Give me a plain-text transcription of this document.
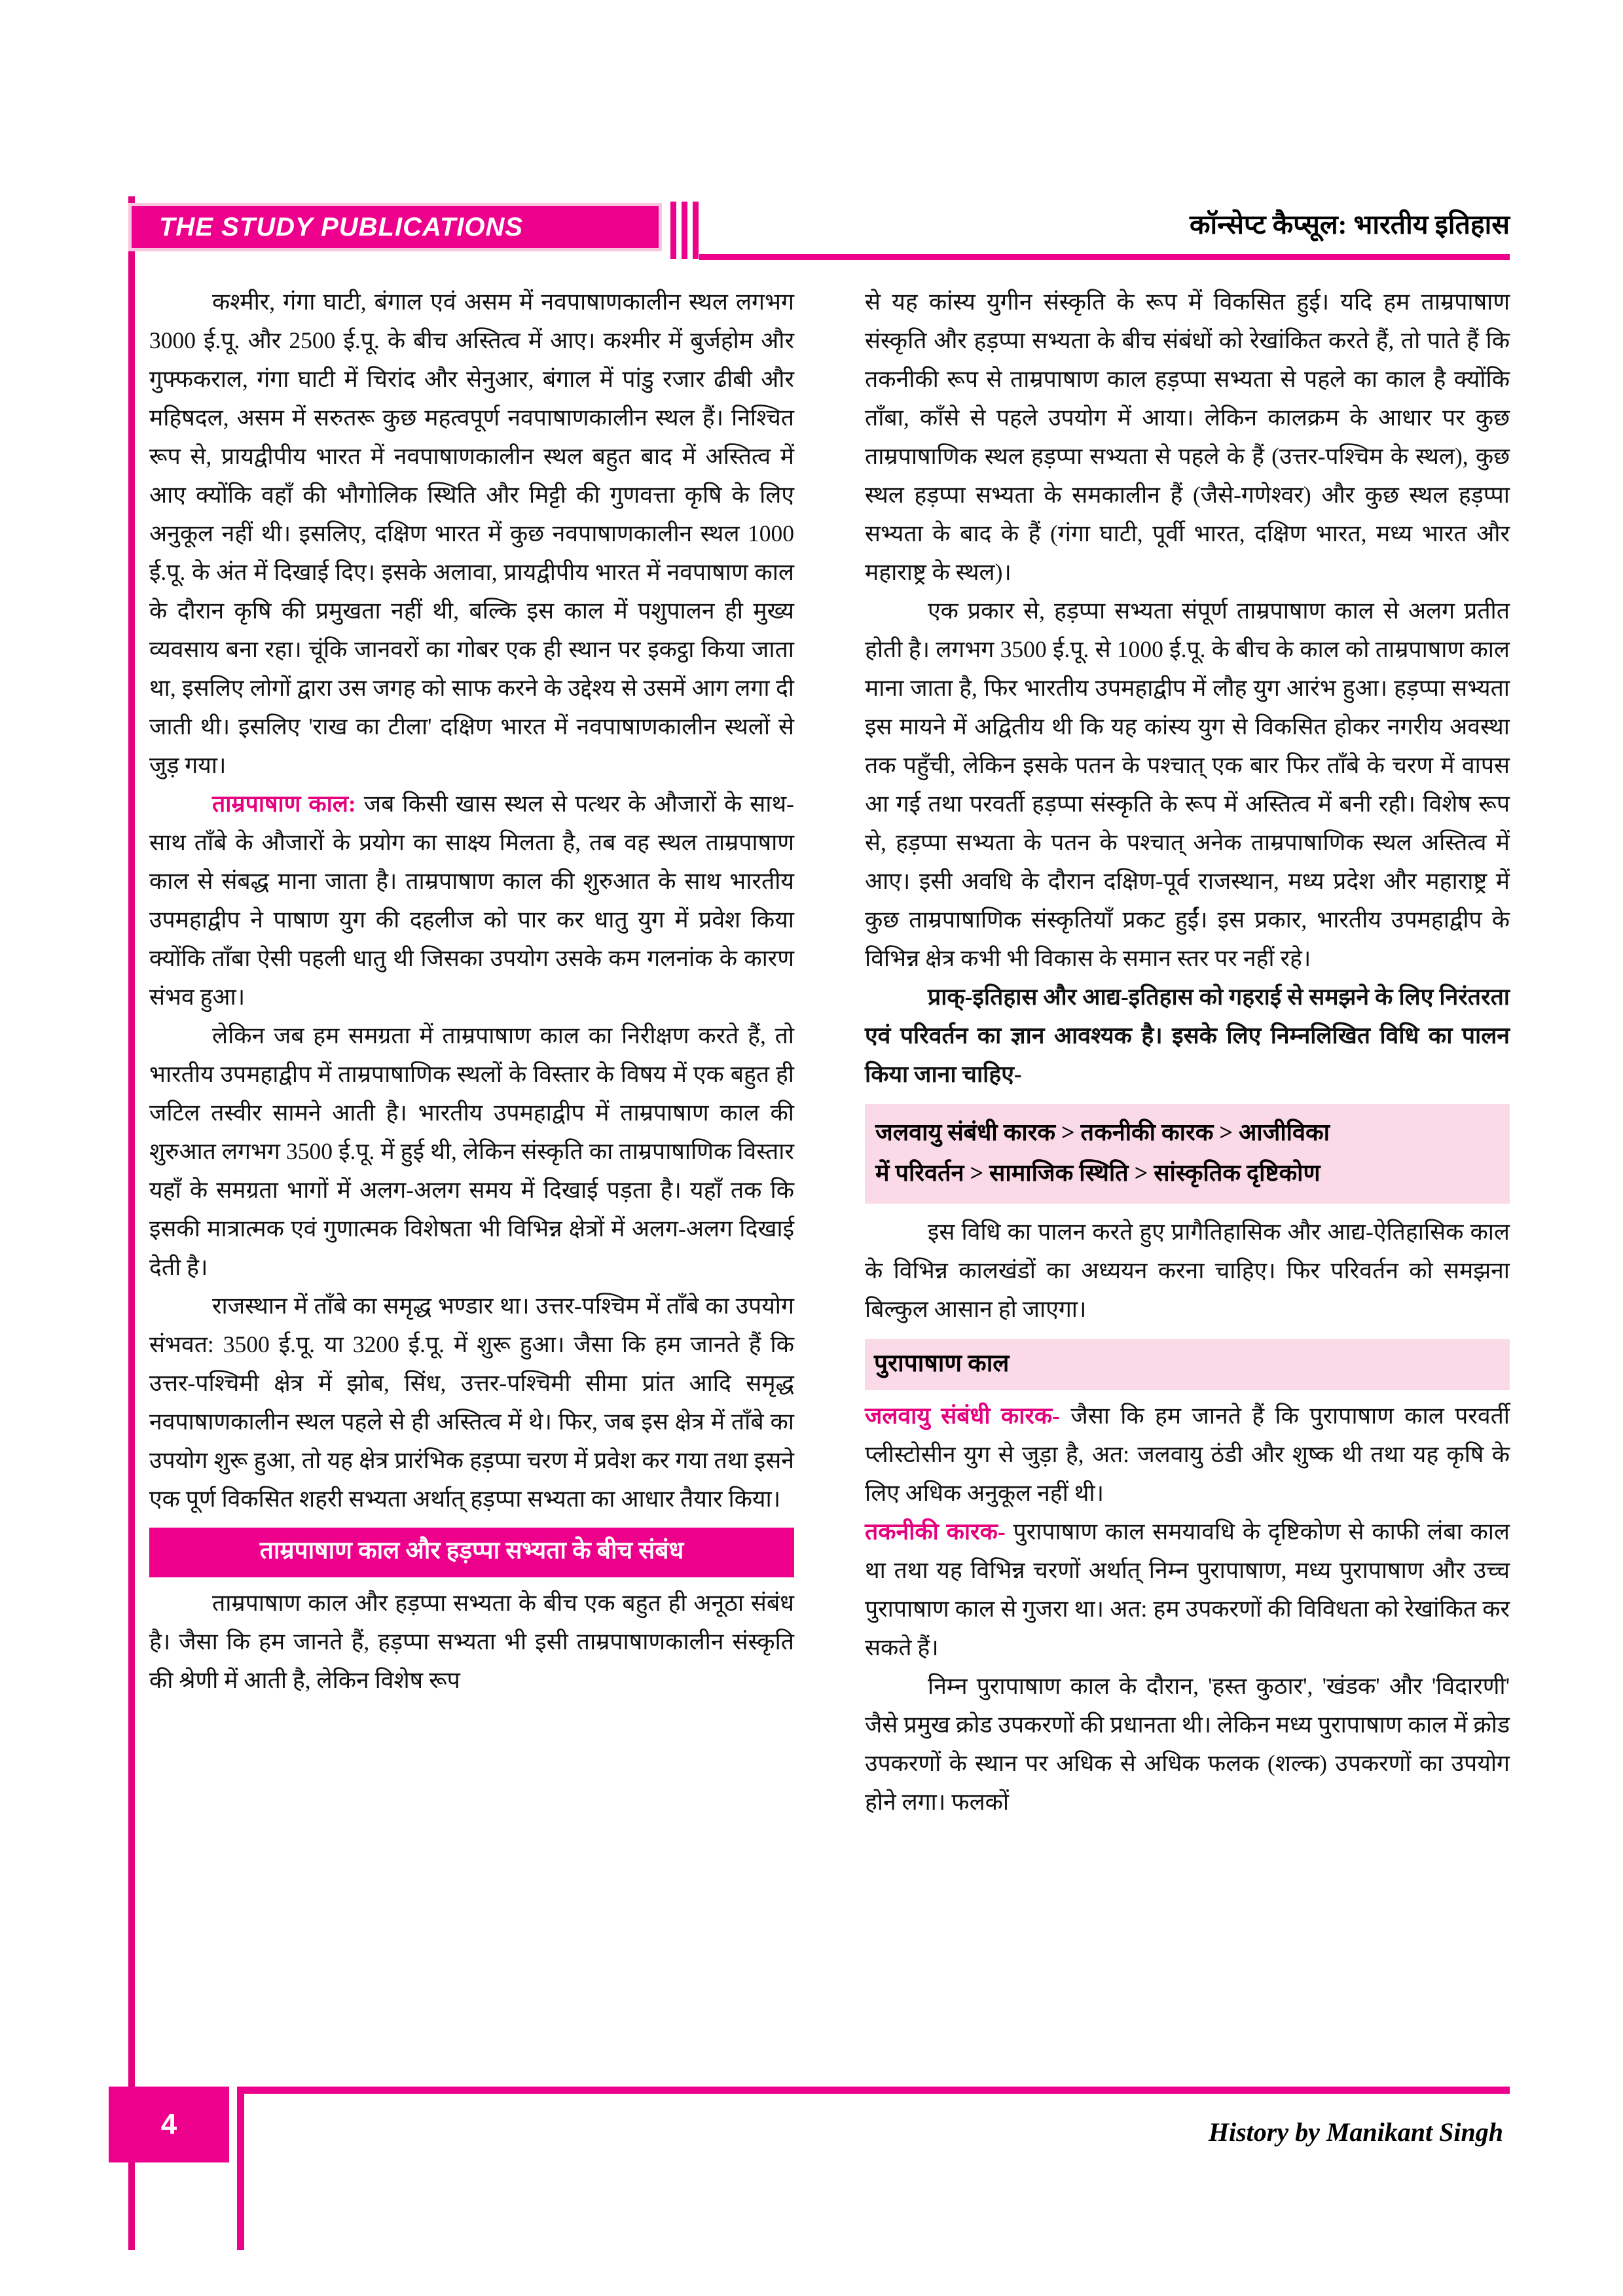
THE STUDY PUBLICATIONS	कॉन्सेप्ट कैप्सूल: भारतीय इतिहास

कश्मीर, गंगा घाटी, बंगाल एवं असम में नवपाषाणकालीन स्थल लगभग 3000 ई.पू. और 2500 ई.पू. के बीच अस्तित्व में आए। कश्मीर में बुर्जहोम और गुफ्फकराल, गंगा घाटी में चिरांद और सेनुआर, बंगाल में पांडु रजार ढीबी और महिषदल, असम में सरुतरू कुछ महत्वपूर्ण नवपाषाणकालीन स्थल हैं। निश्चित रूप से, प्रायद्वीपीय भारत में नवपाषाणकालीन स्थल बहुत बाद में अस्तित्व में आए क्योंकि वहाँ की भौगोलिक स्थिति और मिट्टी की गुणवत्ता कृषि के लिए अनुकूल नहीं थी। इसलिए, दक्षिण भारत में कुछ नवपाषाणकालीन स्थल 1000 ई.पू. के अंत में दिखाई दिए। इसके अलावा, प्रायद्वीपीय भारत में नवपाषाण काल के दौरान कृषि की प्रमुखता नहीं थी, बल्कि इस काल में पशुपालन ही मुख्य व्यवसाय बना रहा। चूंकि जानवरों का गोबर एक ही स्थान पर इकट्ठा किया जाता था, इसलिए लोगों द्वारा उस जगह को साफ करने के उद्देश्य से उसमें आग लगा दी जाती थी। इसलिए 'राख का टीला' दक्षिण भारत में नवपाषाणकालीन स्थलों से जुड़ गया।

ताम्रपाषाण काल: जब किसी खास स्थल से पत्थर के औजारों के साथ-साथ ताँबे के औजारों के प्रयोग का साक्ष्य मिलता है, तब वह स्थल ताम्रपाषाण काल से संबद्ध माना जाता है। ताम्रपाषाण काल की शुरुआत के साथ भारतीय उपमहाद्वीप ने पाषाण युग की दहलीज को पार कर धातु युग में प्रवेश किया क्योंकि ताँबा ऐसी पहली धातु थी जिसका उपयोग उसके कम गलनांक के कारण संभव हुआ।

लेकिन जब हम समग्रता में ताम्रपाषाण काल का निरीक्षण करते हैं, तो भारतीय उपमहाद्वीप में ताम्रपाषाणिक स्थलों के विस्तार के विषय में एक बहुत ही जटिल तस्वीर सामने आती है। भारतीय उपमहाद्वीप में ताम्रपाषाण काल की शुरुआत लगभग 3500 ई.पू. में हुई थी, लेकिन संस्कृति का ताम्रपाषाणिक विस्तार यहाँ के समग्रता भागों में अलग-अलग समय में दिखाई पड़ता है। यहाँ तक कि इसकी मात्रात्मक एवं गुणात्मक विशेषता भी विभिन्न क्षेत्रों में अलग-अलग दिखाई देती है।

राजस्थान में ताँबे का समृद्ध भण्डार था। उत्तर-पश्चिम में ताँबे का उपयोग संभवत: 3500 ई.पू. या 3200 ई.पू. में शुरू हुआ। जैसा कि हम जानते हैं कि उत्तर-पश्चिमी क्षेत्र में झोब, सिंध, उत्तर-पश्चिमी सीमा प्रांत आदि समृद्ध नवपाषाणकालीन स्थल पहले से ही अस्तित्व में थे। फिर, जब इस क्षेत्र में ताँबे का उपयोग शुरू हुआ, तो यह क्षेत्र प्रारंभिक हड़प्पा चरण में प्रवेश कर गया तथा इसने एक पूर्ण विकसित शहरी सभ्यता अर्थात् हड़प्पा सभ्यता का आधार तैयार किया।

ताम्रपाषाण काल और हड़प्पा सभ्यता के बीच संबंध

ताम्रपाषाण काल और हड़प्पा सभ्यता के बीच एक बहुत ही अनूठा संबंध है। जैसा कि हम जानते हैं, हड़प्पा सभ्यता भी इसी ताम्रपाषाणकालीन संस्कृति की श्रेणी में आती है, लेकिन विशेष रूप

से यह कांस्य युगीन संस्कृति के रूप में विकसित हुई। यदि हम ताम्रपाषाण संस्कृति और हड़प्पा सभ्यता के बीच संबंधों को रेखांकित करते हैं, तो पाते हैं कि तकनीकी रूप से ताम्रपाषाण काल हड़प्पा सभ्यता से पहले का काल है क्योंकि ताँबा, काँसे से पहले उपयोग में आया। लेकिन कालक्रम के आधार पर कुछ ताम्रपाषाणिक स्थल हड़प्पा सभ्यता से पहले के हैं (उत्तर-पश्चिम के स्थल), कुछ स्थल हड़प्पा सभ्यता के समकालीन हैं (जैसे-गणेश्वर) और कुछ स्थल हड़प्पा सभ्यता के बाद के हैं (गंगा घाटी, पूर्वी भारत, दक्षिण भारत, मध्य भारत और महाराष्ट्र के स्थल)।

एक प्रकार से, हड़प्पा सभ्यता संपूर्ण ताम्रपाषाण काल से अलग प्रतीत होती है। लगभग 3500 ई.पू. से 1000 ई.पू. के बीच के काल को ताम्रपाषाण काल माना जाता है, फिर भारतीय उपमहाद्वीप में लौह युग आरंभ हुआ। हड़प्पा सभ्यता इस मायने में अद्वितीय थी कि यह कांस्य युग से विकसित होकर नगरीय अवस्था तक पहुँची, लेकिन इसके पतन के पश्चात् एक बार फिर ताँबे के चरण में वापस आ गई तथा परवर्ती हड़प्पा संस्कृति के रूप में अस्तित्व में बनी रही। विशेष रूप से, हड़प्पा सभ्यता के पतन के पश्चात् अनेक ताम्रपाषाणिक स्थल अस्तित्व में आए। इसी अवधि के दौरान दक्षिण-पूर्व राजस्थान, मध्य प्रदेश और महाराष्ट्र में कुछ ताम्रपाषाणिक संस्कृतियाँ प्रकट हुईं। इस प्रकार, भारतीय उपमहाद्वीप के विभिन्न क्षेत्र कभी भी विकास के समान स्तर पर नहीं रहे।

प्राक्-इतिहास और आद्य-इतिहास को गहराई से समझने के लिए निरंतरता एवं परिवर्तन का ज्ञान आवश्यक है। इसके लिए निम्नलिखित विधि का पालन किया जाना चाहिए-

जलवायु संबंधी कारक > तकनीकी कारक > आजीविका
में परिवर्तन > सामाजिक स्थिति > सांस्कृतिक दृष्टिकोण

इस विधि का पालन करते हुए प्रागैतिहासिक और आद्य-ऐतिहासिक काल के विभिन्न कालखंडों का अध्ययन करना चाहिए। फिर परिवर्तन को समझना बिल्कुल आसान हो जाएगा।

पुरापाषाण काल

जलवायु संबंधी कारक- जैसा कि हम जानते हैं कि पुरापाषाण काल परवर्ती प्लीस्टोसीन युग से जुड़ा है, अत: जलवायु ठंडी और शुष्क थी तथा यह कृषि के लिए अधिक अनुकूल नहीं थी।

तकनीकी कारक- पुरापाषाण काल समयावधि के दृष्टिकोण से काफी लंबा काल था तथा यह विभिन्न चरणों अर्थात् निम्न पुरापाषाण, मध्य पुरापाषाण और उच्च पुरापाषाण काल से गुजरा था। अत: हम उपकरणों की विविधता को रेखांकित कर सकते हैं।

निम्न पुरापाषाण काल के दौरान, 'हस्त कुठार', 'खंडक' और 'विदारणी' जैसे प्रमुख क्रोड उपकरणों की प्रधानता थी। लेकिन मध्य पुरापाषाण काल में क्रोड उपकरणों के स्थान पर अधिक से अधिक फलक (शल्क) उपकरणों का उपयोग होने लगा। फलकों

4	History by Manikant Singh
